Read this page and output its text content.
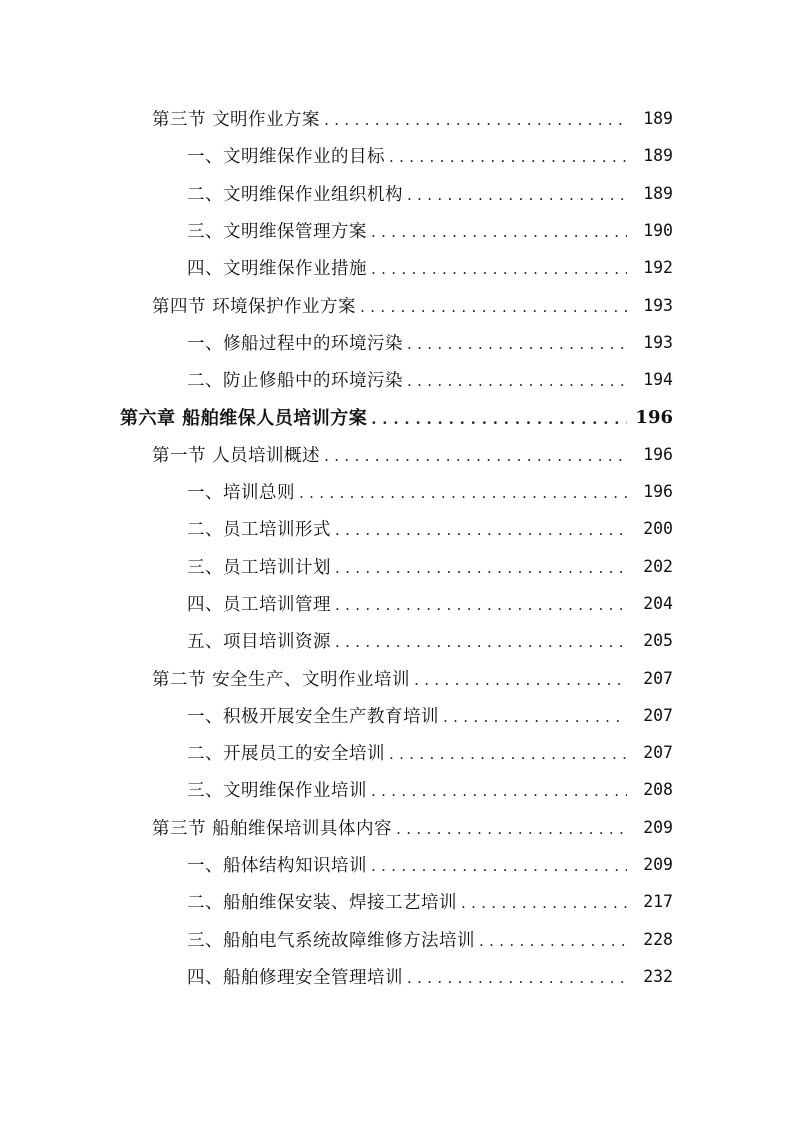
第三节 文明作业方案 . . .	189
一、文明维保作业的目标 . . .	189
二、文明维保作业组织机构 . . .	189
三、文明维保管理方案 . . .	190
四、文明维保作业措施 . . .	192
第四节 环境保护作业方案 . . .	193
一、修船过程中的环境污染 . . .	193
二、防止修船中的环境污染 . . .	194
第六章 船舶维保人员培训方案 . . .	196
第一节 人员培训概述 . . .	196
一、培训总则 . . .	196
二、员工培训形式 . . .	200
三、员工培训计划 . . .	202
四、员工培训管理 . . .	204
五、项目培训资源 . . .	205
第二节 安全生产、文明作业培训 . . .	207
一、积极开展安全生产教育培训 . . .	207
二、开展员工的安全培训 . . .	207
三、文明维保作业培训 . . .	208
第三节 船舶维保培训具体内容 . . .	209
一、船体结构知识培训 . . .	209
二、船舶维保安装、焊接工艺培训 . . .	217
三、船舶电气系统故障维修方法培训 . . .	228
四、船舶修理安全管理培训 . . .	232
